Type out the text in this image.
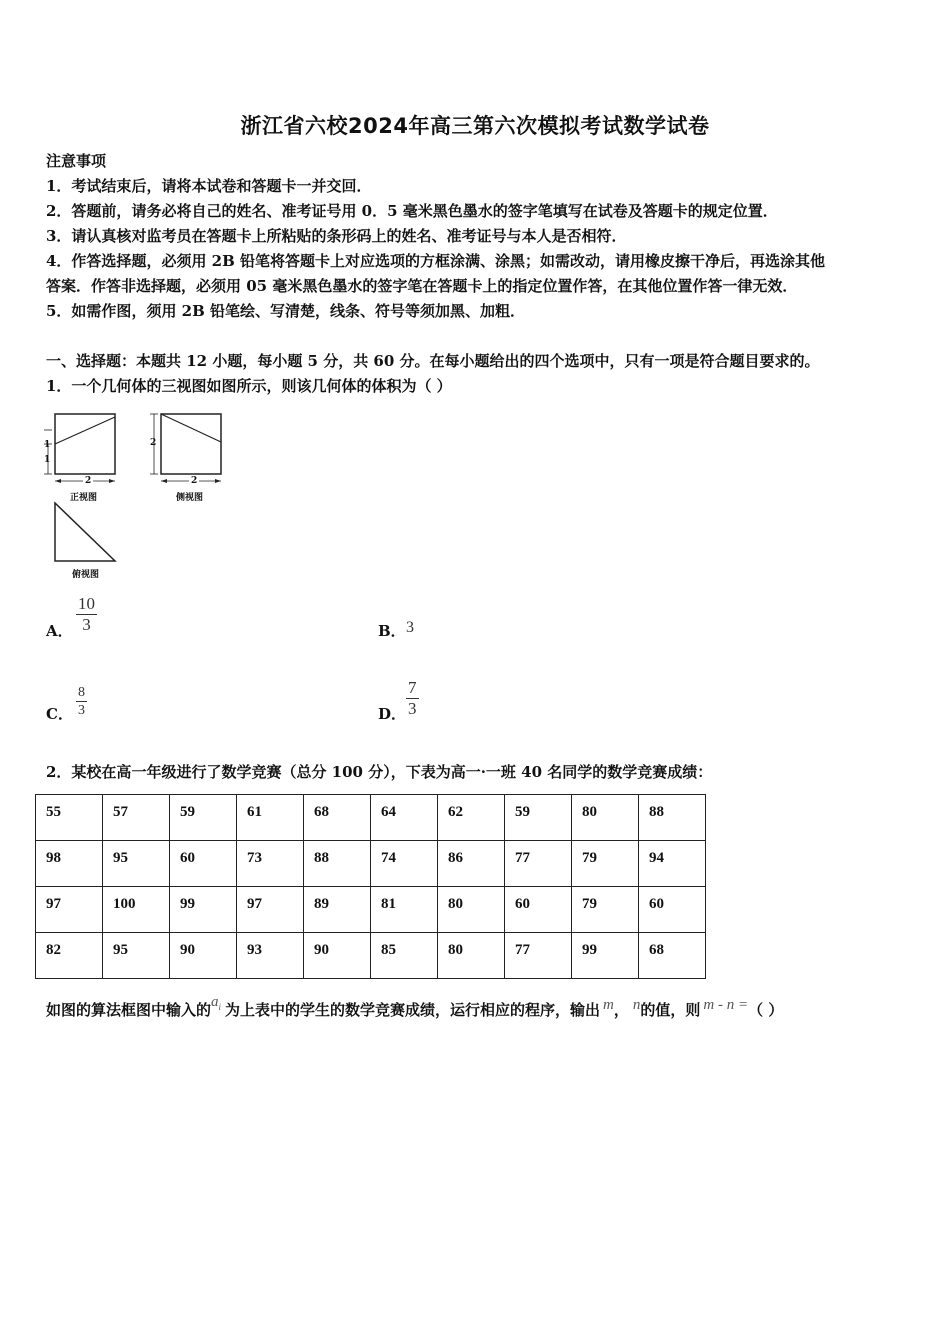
浙江省六校2024年高三第六次模拟考试数学试卷
注意事项
1．考试结束后，请将本试卷和答题卡一并交回．
2．答题前，请务必将自己的姓名、准考证号用 0．5 毫米黑色墨水的签字笔填写在试卷及答题卡的规定位置．
3．请认真核对监考员在答题卡上所粘贴的条形码上的姓名、准考证号与本人是否相符．
4．作答选择题，必须用 2B 铅笔将答题卡上对应选项的方框涂满、涂黑；如需改动，请用橡皮擦干净后，再选涂其他
答案．作答非选择题，必须用 05 毫米黑色墨水的签字笔在答题卡上的指定位置作答，在其他位置作答一律无效．
5．如需作图，须用 2B 铅笔绘、写清楚，线条、符号等须加黑、加粗．
一、选择题：本题共 12 小题，每小题 5 分，共 60 分。在每小题给出的四个选项中，只有一项是符合题目要求的。
1．一个几何体的三视图如图所示，则该几何体的体积为（ ）
1
1
2
2	2
正视图	侧视图
俯视图
A． $\frac{10}{3}$	B． 3
C． $\frac{8}{3}$	D． $\frac{7}{3}$
2．某校在高一年级进行了数学竞赛（总分 100 分），下表为高一·一班 40 名同学的数学竞赛成绩：
55	57	59	61	68	64	62	59	80	88
98	95	60	73	88	74	86	77	79	94
97	100	99	97	89	81	80	60	79	60
82	95	90	93	90	85	80	77	99	68
如图的算法框图中输入的$a_i$ 为上表中的学生的数学竞赛成绩，运行相应的程序，输出 m， n的值，则 m - n =（ ）
